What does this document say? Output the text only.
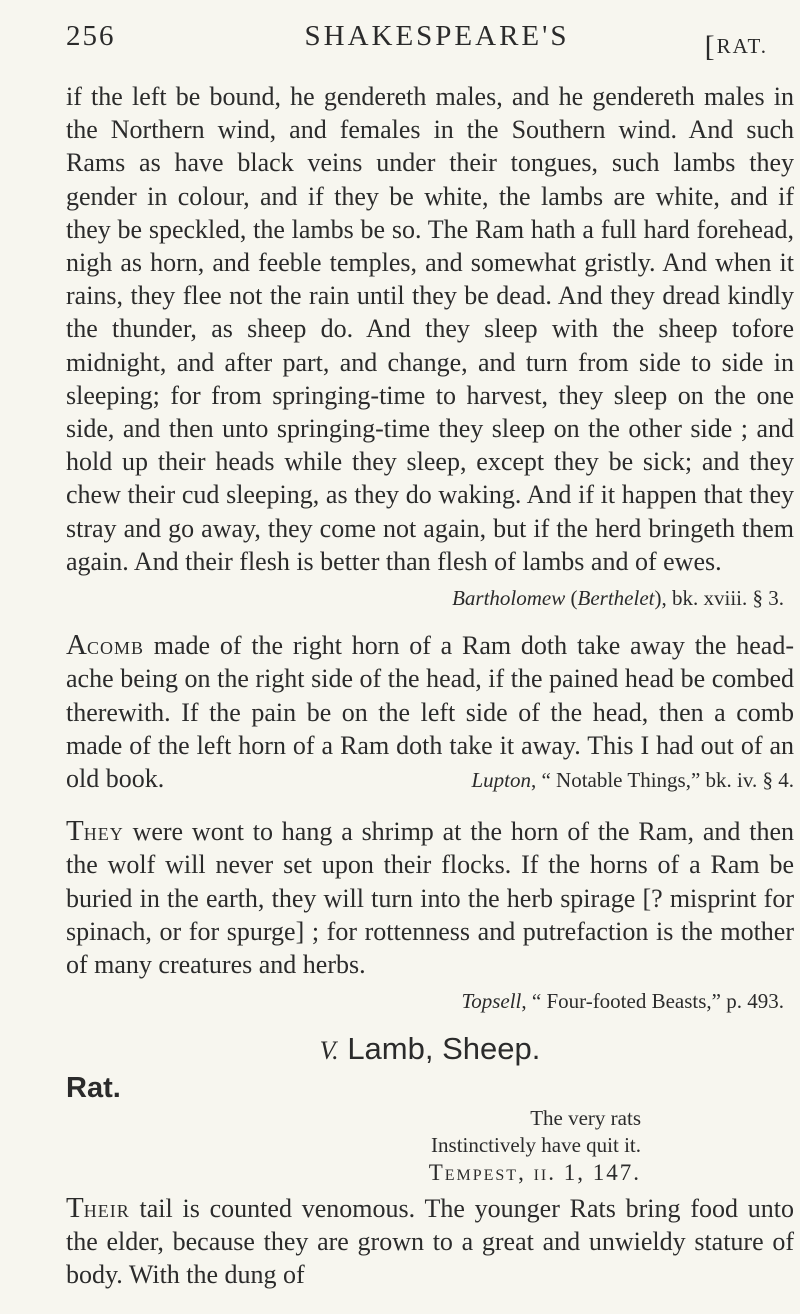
256	SHAKESPEARE'S	[RAT.

if the left be bound, he gendereth males, and he gendereth males in the Northern wind, and females in the Southern wind. And such Rams as have black veins under their tongues, such lambs they gender in colour, and if they be white, the lambs are white, and if they be speckled, the lambs be so. The Ram hath a full hard forehead, nigh as horn, and feeble temples, and somewhat gristly. And when it rains, they flee not the rain until they be dead. And they dread kindly the thunder, as sheep do. And they sleep with the sheep tofore midnight, and after part, and change, and turn from side to side in sleeping; for from springing-time to harvest, they sleep on the one side, and then unto springing-time they sleep on the other side ; and hold up their heads while they sleep, except they be sick; and they chew their cud sleeping, as they do waking. And if it happen that they stray and go away, they come not again, but if the herd bringeth them again. And their flesh is better than flesh of lambs and of ewes.

Bartholomew (Berthelet), bk. xviii. § 3.

Acomb made of the right horn of a Ram doth take away the head-ache being on the right side of the head, if the pained head be combed therewith. If the pain be on the left side of the head, then a comb made of the left horn of a Ram doth take it away. This I had out of an old book.	Lupton, “ Notable Things,” bk. iv. § 4.

They were wont to hang a shrimp at the horn of the Ram, and then the wolf will never set upon their flocks. If the horns of a Ram be buried in the earth, they will turn into the herb spirage [? misprint for spinach, or for spurge] ; for rottenness and putrefaction is the mother of many creatures and herbs.

Topsell, “ Four-footed Beasts,” p. 493.
V. Lamb, Sheep.
Rat.
The very rats
Instinctively have quit it.
Tempest, ii. 1, 147.

Their tail is counted venomous. The younger Rats bring food unto the elder, because they are grown to a great and unwieldy stature of body. With the dung of
